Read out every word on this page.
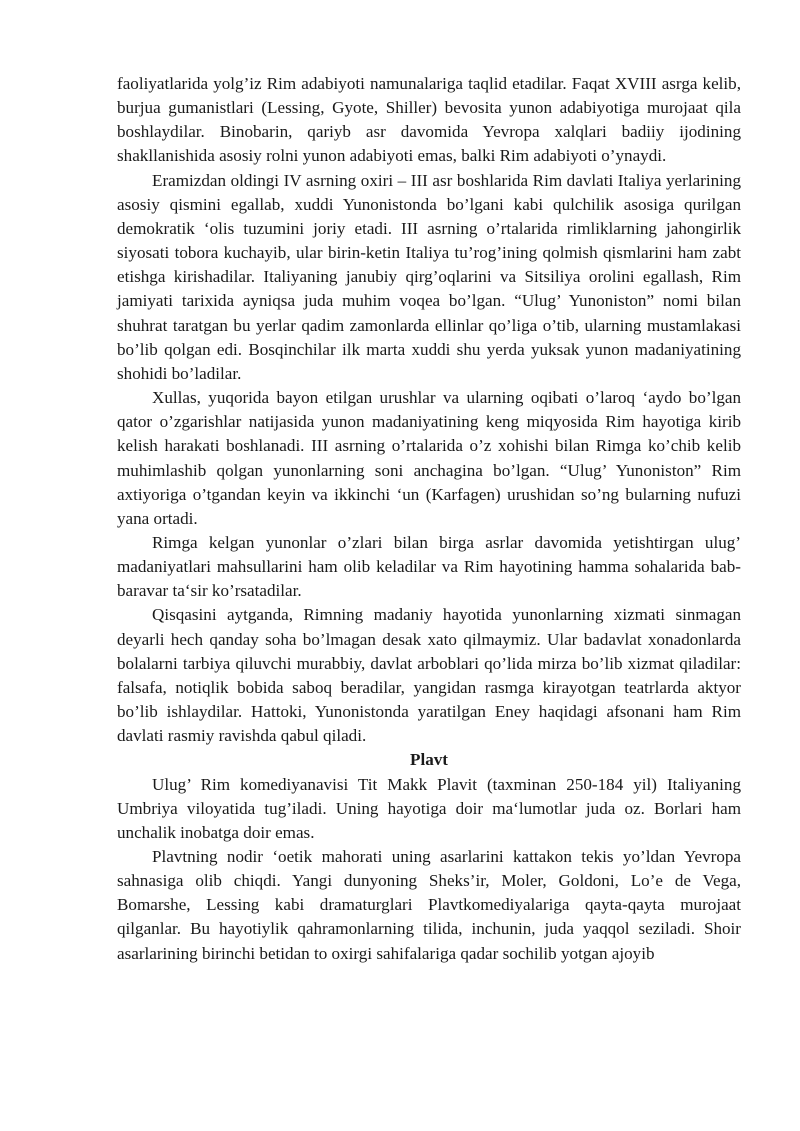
faoliyatlarida yolg’iz Rim adabiyoti namunalariga taqlid etadilar. Faqat XVIII asrga kelib, burjua gumanistlari (Lessing, Gyote, Shiller) bevosita yunon adabiyotiga murojaat qila boshlaydilar. Binobarin, qariyb asr davomida Yevropa xalqlari badiiy ijodining shakllanishida asosiy rolni yunon adabiyoti emas, balki Rim adabiyoti o’ynaydi.

Eramizdan oldingi IV asrning oxiri – III asr boshlarida Rim davlati Italiya yerlarining asosiy qismini egallab, xuddi Yunonistonda bo’lgani kabi qulchilik asosiga qurilgan demokratik ‘olis tuzumini joriy etadi. III asrning o’rtalarida rimliklarning jahongirlik siyosati tobora kuchayib, ular birin-ketin Italiya tu’rog’ining qolmish qismlarini ham zabt etishga kirishadilar. Italiyaning janubiy qirg’oqlarini va Sitsiliya orolini egallash, Rim jamiyati tarixida ayniqsa juda muhim voqea bo’lgan. “Ulug’ Yunoniston” nomi bilan shuhrat taratgan bu yerlar qadim zamonlarda ellinlar qo’liga o’tib, ularning mustamlakasi bo’lib qolgan edi. Bosqinchilar ilk marta xuddi shu yerda yuksak yunon madaniyatining shohidi bo’ladilar.

Xullas, yuqorida bayon etilgan urushlar va ularning oqibati o’laroq ‘aydo bo’lgan qator o’zgarishlar natijasida yunon madaniyatining keng miqyosida Rim hayotiga kirib kelish harakati boshlanadi. III asrning o’rtalarida o’z xohishi bilan Rimga ko’chib kelib muhimlashib qolgan yunonlarning soni anchagina bo’lgan. “Ulug’ Yunoniston” Rim axtiyoriga o’tgandan keyin va ikkinchi ‘un (Karfagen) urushidan so’ng bularning nufuzi yana ortadi.

Rimga kelgan yunonlar o’zlari bilan birga asrlar davomida yetishtirgan ulug’ madaniyatlari mahsullarini ham olib keladilar va Rim hayotining hamma sohalarida bab-baravar ta‘sir ko’rsatadilar.

Qisqasini aytganda, Rimning madaniy hayotida yunonlarning xizmati sinmagan deyarli hech qanday soha bo’lmagan desak xato qilmaymiz. Ular badavlat xonadonlarda bolalarni tarbiya qiluvchi murabbiy, davlat arboblari qo’lida mirza bo’lib xizmat qiladilar: falsafa, notiqlik bobida saboq beradilar, yangidan rasmga kirayotgan teatrlarda aktyor bo’lib ishlaydilar. Hattoki, Yunonistonda yaratilgan Eney haqidagi afsonani ham Rim davlati rasmiy ravishda qabul qiladi.

Plavt

Ulug’ Rim komediyanavisi Tit Makk Plavit (taxminan 250-184 yil) Italiyaning Umbriya viloyatida tug’iladi. Uning hayotiga doir ma‘lumotlar juda oz. Borlari ham unchalik inobatga doir emas.

Plavtning nodir ‘oetik mahorati uning asarlarini kattakon tekis yo’ldan Yevropa sahnasiga olib chiqdi. Yangi dunyoning Sheks’ir, Moler, Goldoni, Lo’e de Vega, Bomarshe, Lessing kabi dramaturglari Plavtkomediyalariga qayta-qayta murojaat qilganlar. Bu hayotiylik qahramonlarning tilida, inchunin, juda yaqqol seziladi. Shoir asarlarining birinchi betidan to oxirgi sahifalariga qadar sochilib yotgan ajoyib
